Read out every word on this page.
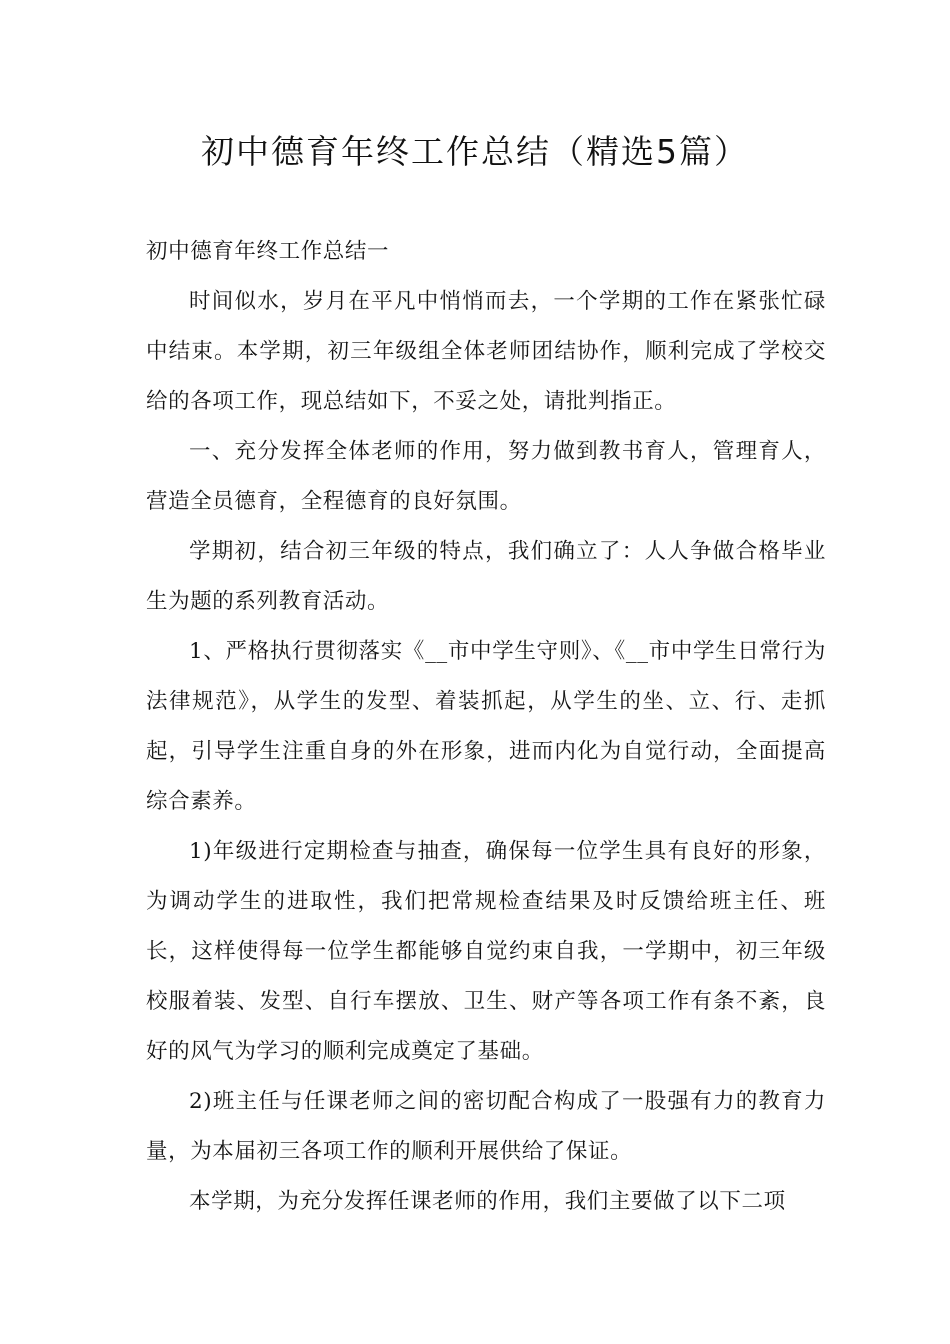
初中德育年终工作总结（精选5篇）

初中德育年终工作总结一

时间似水，岁月在平凡中悄悄而去，一个学期的工作在紧张忙碌中结束。本学期，初三年级组全体老师团结协作，顺利完成了学校交给的各项工作，现总结如下，不妥之处，请批判指正。

一、充分发挥全体老师的作用，努力做到教书育人，管理育人，营造全员德育，全程德育的良好氛围。

学期初，结合初三年级的特点，我们确立了：人人争做合格毕业生为题的系列教育活动。

1、严格执行贯彻落实《__市中学生守则》、《__市中学生日常行为法律规范》，从学生的发型、着装抓起，从学生的坐、立、行、走抓起，引导学生注重自身的外在形象，进而内化为自觉行动，全面提高综合素养。

1)年级进行定期检查与抽查，确保每一位学生具有良好的形象，为调动学生的进取性，我们把常规检查结果及时反馈给班主任、班长，这样使得每一位学生都能够自觉约束自我，一学期中，初三年级校服着装、发型、自行车摆放、卫生、财产等各项工作有条不紊，良好的风气为学习的顺利完成奠定了基础。

2)班主任与任课老师之间的密切配合构成了一股强有力的教育力量，为本届初三各项工作的顺利开展供给了保证。

本学期，为充分发挥任课老师的作用，我们主要做了以下二项
